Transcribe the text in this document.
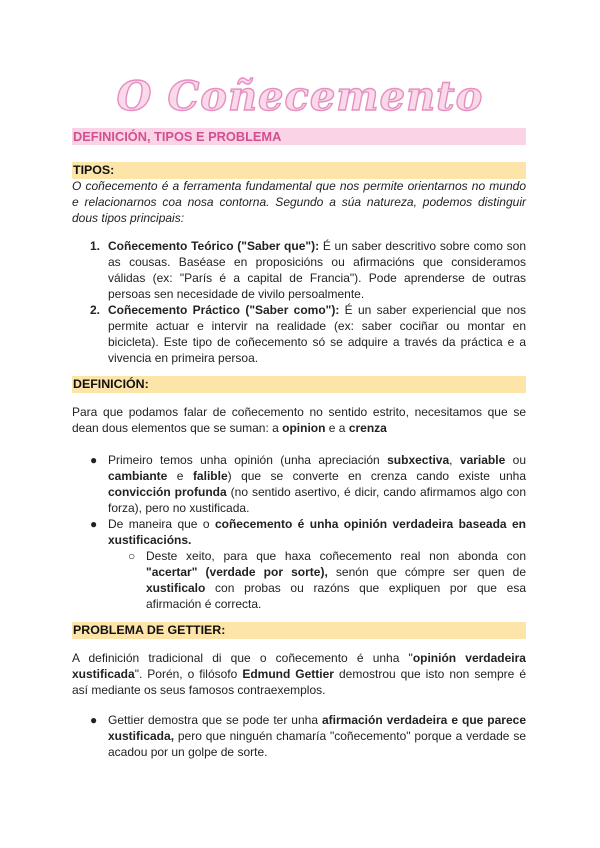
O Coñecemento
DEFINICIÓN, TIPOS E PROBLEMA
TIPOS:

O coñecemento é a ferramenta fundamental que nos permite orientarnos no mundo e relacionarnos coa nosa contorna. Segundo a súa natureza, podemos distinguir dous tipos principais:

1. Coñecemento Teórico ("Saber que"): É un saber descritivo sobre como son as cousas. Baséase en proposicións ou afirmacións que consideramos válidas (ex: "París é a capital de Francia"). Pode aprenderse de outras persoas sen necesidade de vivilo persoalmente.

2. Coñecemento Práctico ("Saber como"): É un saber experiencial que nos permite actuar e intervir na realidade (ex: saber cociñar ou montar en bicicleta). Este tipo de coñecemento só se adquire a través da práctica e a vivencia en primeira persoa.

DEFINICIÓN:

Para que podamos falar de coñecemento no sentido estrito, necesitamos que se dean dous elementos que se suman: a opinion e a crenza

● Primeiro temos unha opinión (unha apreciación subxectiva, variable ou cambiante e falible) que se converte en crenza cando existe unha convicción profunda (no sentido asertivo, é dicir, cando afirmamos algo con forza), pero no xustificada.

● De maneira que o coñecemento é unha opinión verdadeira baseada en xustificacións.

○ Deste xeito, para que haxa coñecemento real non abonda con "acertar" (verdade por sorte), senón que cómpre ser quen de xustificalo con probas ou razóns que expliquen por que esa afirmación é correcta.

PROBLEMA DE GETTIER:

A definición tradicional di que o coñecemento é unha "opinión verdadeira xustificada". Porén, o filósofo Edmund Gettier demostrou que isto non sempre é así mediante os seus famosos contraexemplos.

● Gettier demostra que se pode ter unha afirmación verdadeira e que parece xustificada, pero que ninguén chamaría "coñecemento" porque a verdade se acadou por un golpe de sorte.
